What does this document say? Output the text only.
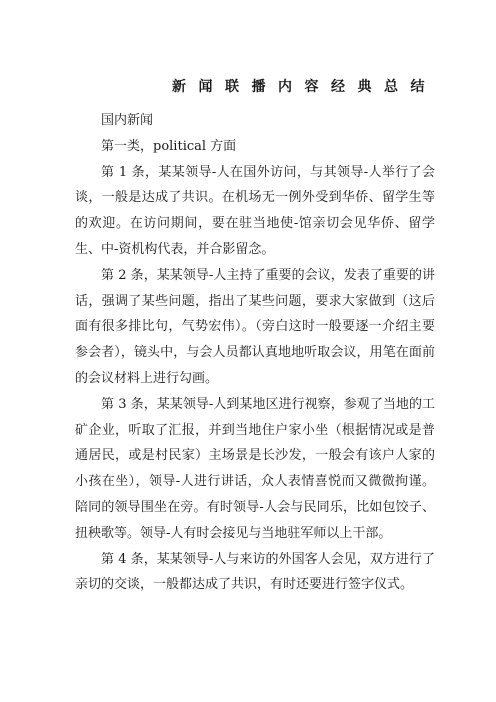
新闻联播内容经典总结

国内新闻

第一类，political 方面

第 1 条，某某领导-人在国外访问，与其领导-人举行了会谈，一般是达成了共识。在机场无一例外受到华侨、留学生等的欢迎。在访问期间，要在驻当地使-馆亲切会见华侨、留学生、中-资机构代表，并合影留念。

第 2 条，某某领导-人主持了重要的会议，发表了重要的讲话，强调了某些问题，指出了某些问题，要求大家做到（这后面有很多排比句，气势宏伟）。（旁白这时一般要逐一介绍主要参会者），镜头中，与会人员都认真地地听取会议，用笔在面前的会议材料上进行勾画。

第 3 条，某某领导-人到某地区进行视察，参观了当地的工矿企业，听取了汇报，并到当地住户家小坐（根据情况或是普通居民，或是村民家）主场景是长沙发，一般会有该户人家的小孩在坐），领导-人进行讲话，众人表情喜悦而又微微拘谨。陪同的领导围坐在旁。有时领导-人会与民同乐，比如包饺子、扭秧歌等。领导-人有时会接见与当地驻军师以上干部。

第 4 条，某某领导-人与来访的外国客人会见，双方进行了亲切的交谈，一般都达成了共识，有时还要进行签字仪式。
